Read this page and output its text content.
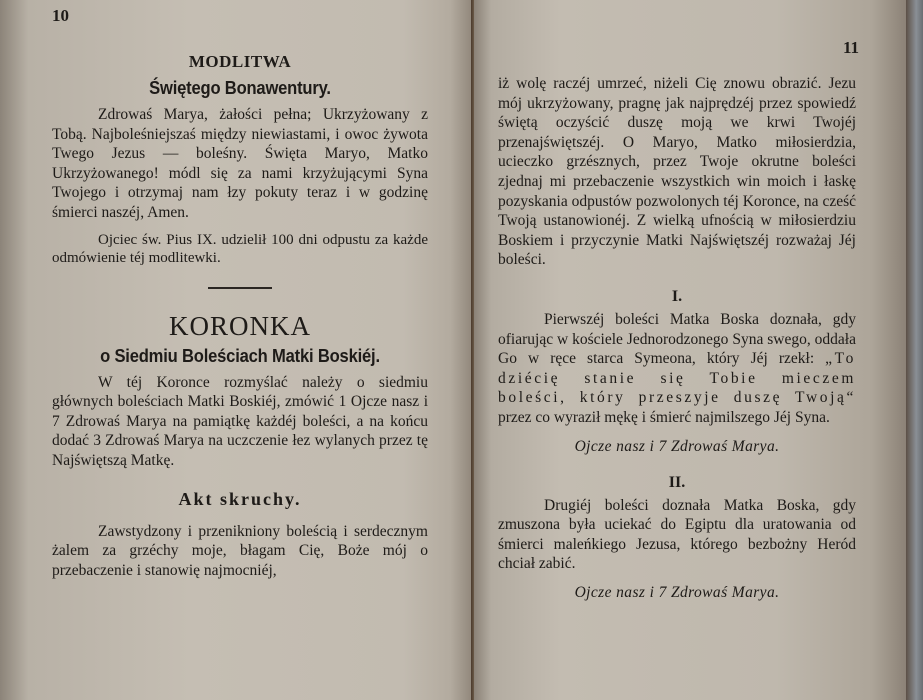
10
MODLITWA
Świętego Bonawentury.

Zdrowaś Marya, żałości pełna; Ukrzyżowany z Tobą. Najboleśniejszaś między niewiastami, i owoc żywota Twego Jezus — boleśny. Święta Maryo, Matko Ukrzyżowanego! módl się za nami krzyżującymi Syna Twojego i otrzymaj nam łzy pokuty teraz i w godzinę śmierci naszéj, Amen.

Ojciec św. Pius IX. udzielił 100 dni odpustu za każde odmówienie téj modlitewki.

KORONKA
o Siedmiu Boleściach Matki Boskiéj.

W téj Koronce rozmyślać należy o siedmiu głównych boleściach Matki Boskiéj, zmówić 1 Ojcze nasz i 7 Zdrowaś Marya na pamiątkę każdéj boleści, a na końcu dodać 3 Zdrowaś Marya na uczczenie łez wylanych przez tę Najświętszą Matkę.

Akt skruchy.

Zawstydzony i przenikniony boleścią i serdecznym żalem za grzéchy moje, błagam Cię, Boże mój o przebaczenie i stanowię najmocniéj,

11

iż wolę raczéj umrzeć, niżeli Cię znowu obrazić. Jezu mój ukrzyżowany, pragnę jak najprędzéj przez spowiedź świętą oczyścić duszę moją we krwi Twojéj przenajświętszéj. O Maryo, Matko miłosierdzia, ucieczko grzésznych, przez Twoje okrutne boleści zjednaj mi przebaczenie wszystkich win moich i łaskę pozyskania odpustów pozwolonych téj Koronce, na cześć Twoją ustanowionéj. Z wielką ufnością w miłosierdziu Boskiem i przyczynie Matki Najświętszéj rozważaj Jéj boleści.

I.

Pierwszéj boleści Matka Boska doznała, gdy ofiarując w kościele Jednorodzonego Syna swego, oddała Go w ręce starca Symeona, który Jéj rzekł: „To dziécię stanie się Tobie mieczem boleści, który przeszyje duszę Twoją“ przez co wyraził mękę i śmierć najmilszego Jéj Syna.

Ojcze nasz i 7 Zdrowaś Marya.
II.

Drugiéj boleści doznała Matka Boska, gdy zmuszona była uciekać do Egiptu dla uratowania od śmierci maleńkiego Jezusa, którego bezbożny Heród chciał zabić.

Ojcze nasz i 7 Zdrowaś Marya.
